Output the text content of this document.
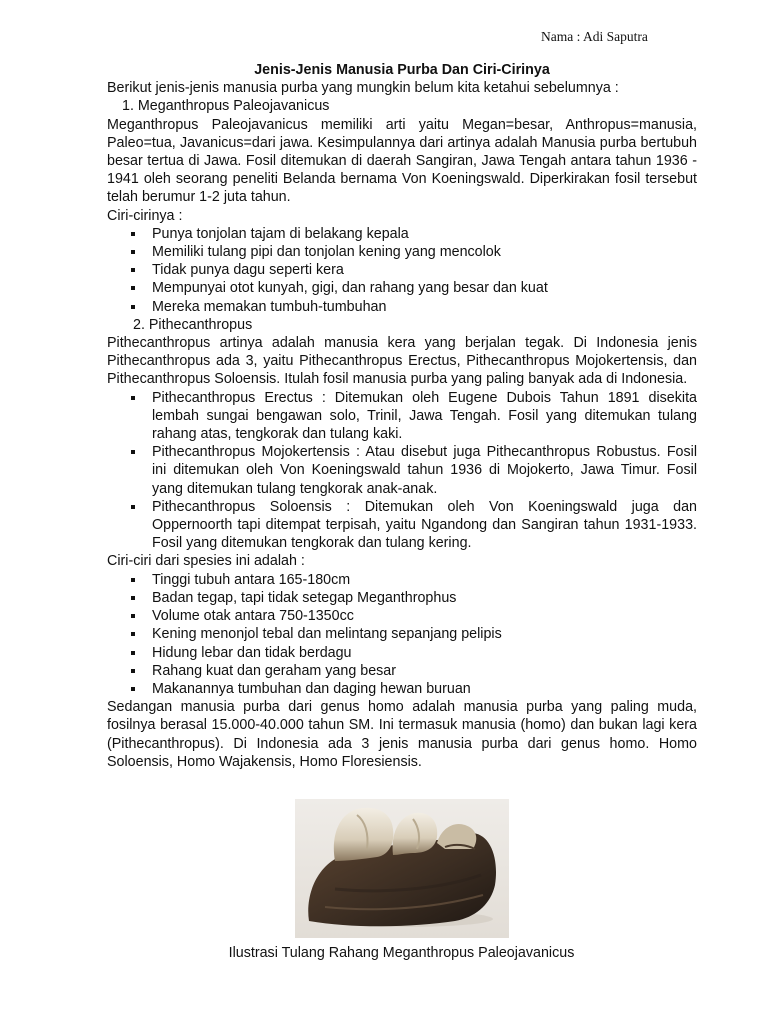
Nama : Adi Saputra

Jenis-Jenis Manusia Purba Dan Ciri-Cirinya

Berikut jenis-jenis manusia purba yang mungkin belum kita ketahui sebelumnya :

1. Meganthropus Paleojavanicus

Meganthropus Paleojavanicus memiliki arti yaitu Megan=besar, Anthropus=manusia, Paleo=tua, Javanicus=dari jawa. Kesimpulannya dari artinya adalah Manusia purba bertubuh besar tertua di Jawa. Fosil ditemukan di daerah Sangiran, Jawa Tengah antara tahun 1936 - 1941 oleh seorang peneliti Belanda bernama Von Koeningswald. Diperkirakan fosil tersebut telah berumur 1-2 juta tahun.

Ciri-cirinya :

Punya tonjolan tajam di belakang kepala
Memiliki tulang pipi dan tonjolan kening yang mencolok
Tidak punya dagu seperti kera
Mempunyai otot kunyah, gigi, dan rahang yang besar dan kuat
Mereka memakan tumbuh-tumbuhan

2. Pithecanthropus

Pithecanthropus artinya adalah manusia kera yang berjalan tegak. Di Indonesia jenis Pithecanthropus ada 3, yaitu Pithecanthropus Erectus, Pithecanthropus Mojokertensis, dan Pithecanthropus Soloensis. Itulah fosil manusia purba yang paling banyak ada di Indonesia.

Pithecanthropus Erectus : Ditemukan oleh Eugene Dubois Tahun 1891 disekita lembah sungai bengawan solo, Trinil, Jawa Tengah. Fosil yang ditemukan tulang rahang atas, tengkorak dan tulang kaki.
Pithecanthropus Mojokertensis : Atau disebut juga Pithecanthropus Robustus. Fosil ini ditemukan oleh Von Koeningswald tahun 1936 di Mojokerto, Jawa Timur. Fosil yang ditemukan tulang tengkorak anak-anak.
Pithecanthropus Soloensis : Ditemukan oleh Von Koeningswald juga dan Oppernoorth tapi ditempat terpisah, yaitu Ngandong dan Sangiran tahun 1931-1933. Fosil yang ditemukan tengkorak dan tulang kering.

Ciri-ciri dari spesies ini adalah :

Tinggi tubuh antara 165-180cm
Badan tegap, tapi tidak setegap Meganthrophus
Volume otak antara 750-1350cc
Kening menonjol tebal dan melintang sepanjang pelipis
Hidung lebar dan tidak berdagu
Rahang kuat dan geraham yang besar
Makanannya tumbuhan dan daging hewan buruan

Sedangan manusia purba dari genus homo adalah manusia purba yang paling muda, fosilnya berasal 15.000-40.000 tahun SM. Ini termasuk manusia (homo) dan bukan lagi kera (Pithecanthropus). Di Indonesia ada 3 jenis manusia purba dari genus homo. Homo Soloensis, Homo Wajakensis, Homo Floresiensis.

Ilustrasi Tulang Rahang Meganthropus Paleojavanicus
